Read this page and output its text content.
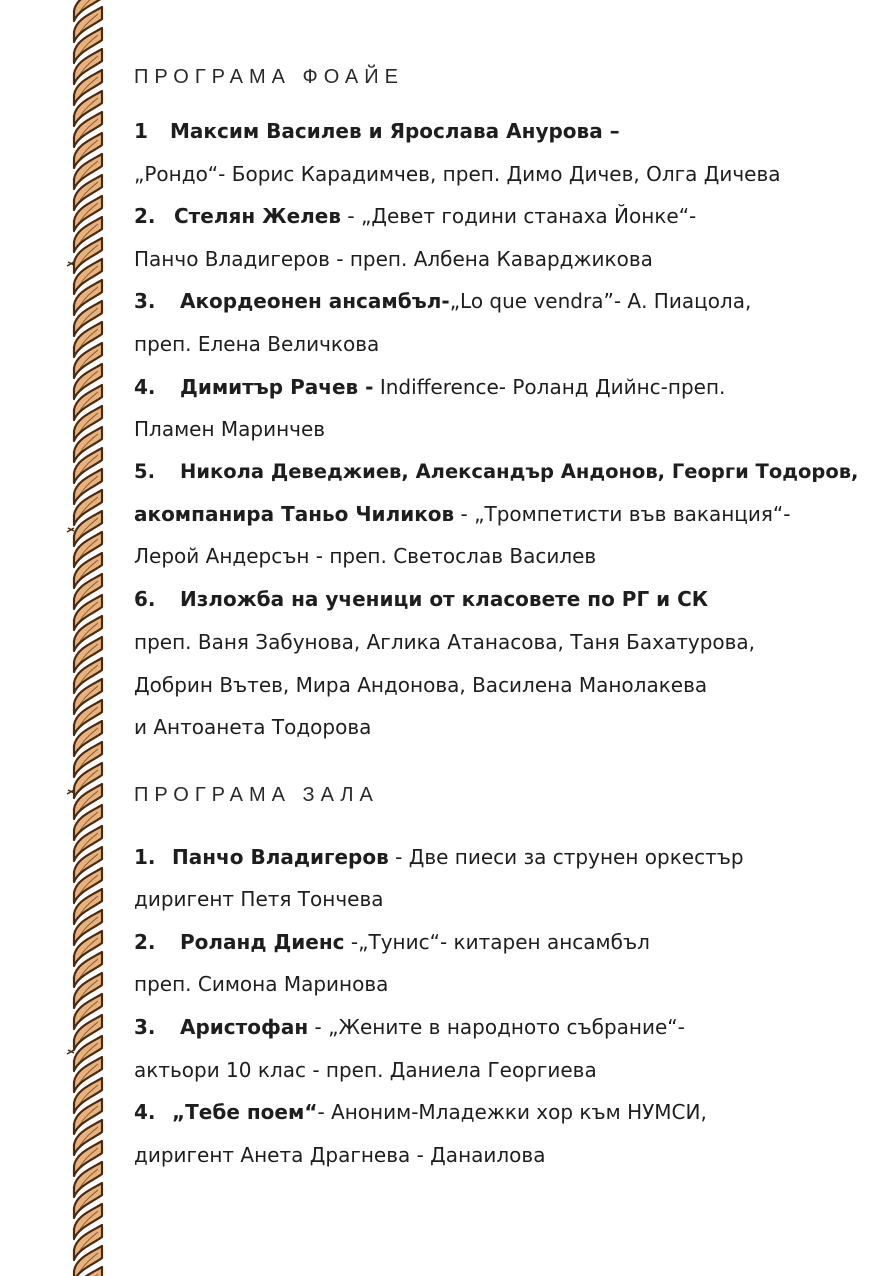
ПРОГРАМА ФОАЙЕ
1 Максим Василев и Ярослава Анурова –
„Рондо“- Борис Карадимчев, преп. Димо Дичев, Олга Дичева
2. Стелян Желев - „Девет години станаха Йонке“-
Панчо Владигеров - преп. Албена Каварджикова
3. Акордеонен ансамбъл-„Lo que vendra”- А. Пиацола,
преп. Елена Величкова
4. Димитър Рачев - Indifference- Роланд Дийнс-преп.
Пламен Маринчев
5. Никола Деведжиев, Александър Андонов, Георги Тодоров,
акомпанира Таньо Чиликов - „Тромпетисти във ваканция“-
Лерой Андерсън - преп. Светослав Василев
6. Изложба на ученици от класовете по РГ и СК
преп. Ваня Забунова, Аглика Атанасова, Таня Бахатурова,
Добрин Вътев, Мира Андонова, Василена Манолакева
и Антоанета Тодорова
ПРОГРАМА ЗАЛА
1. Панчо Владигеров - Две пиеси за струнен оркестър
диригент Петя Тончева
2. Роланд Диенс -„Тунис“- китарен ансамбъл
преп. Симона Маринова
3. Аристофан - „Жените в народното събрание“-
актьори 10 клас - преп. Даниела Георгиева
4. „Тебе поем“- Аноним-Младежки хор към НУМСИ,
диригент Анета Драгнева - Данаилова
